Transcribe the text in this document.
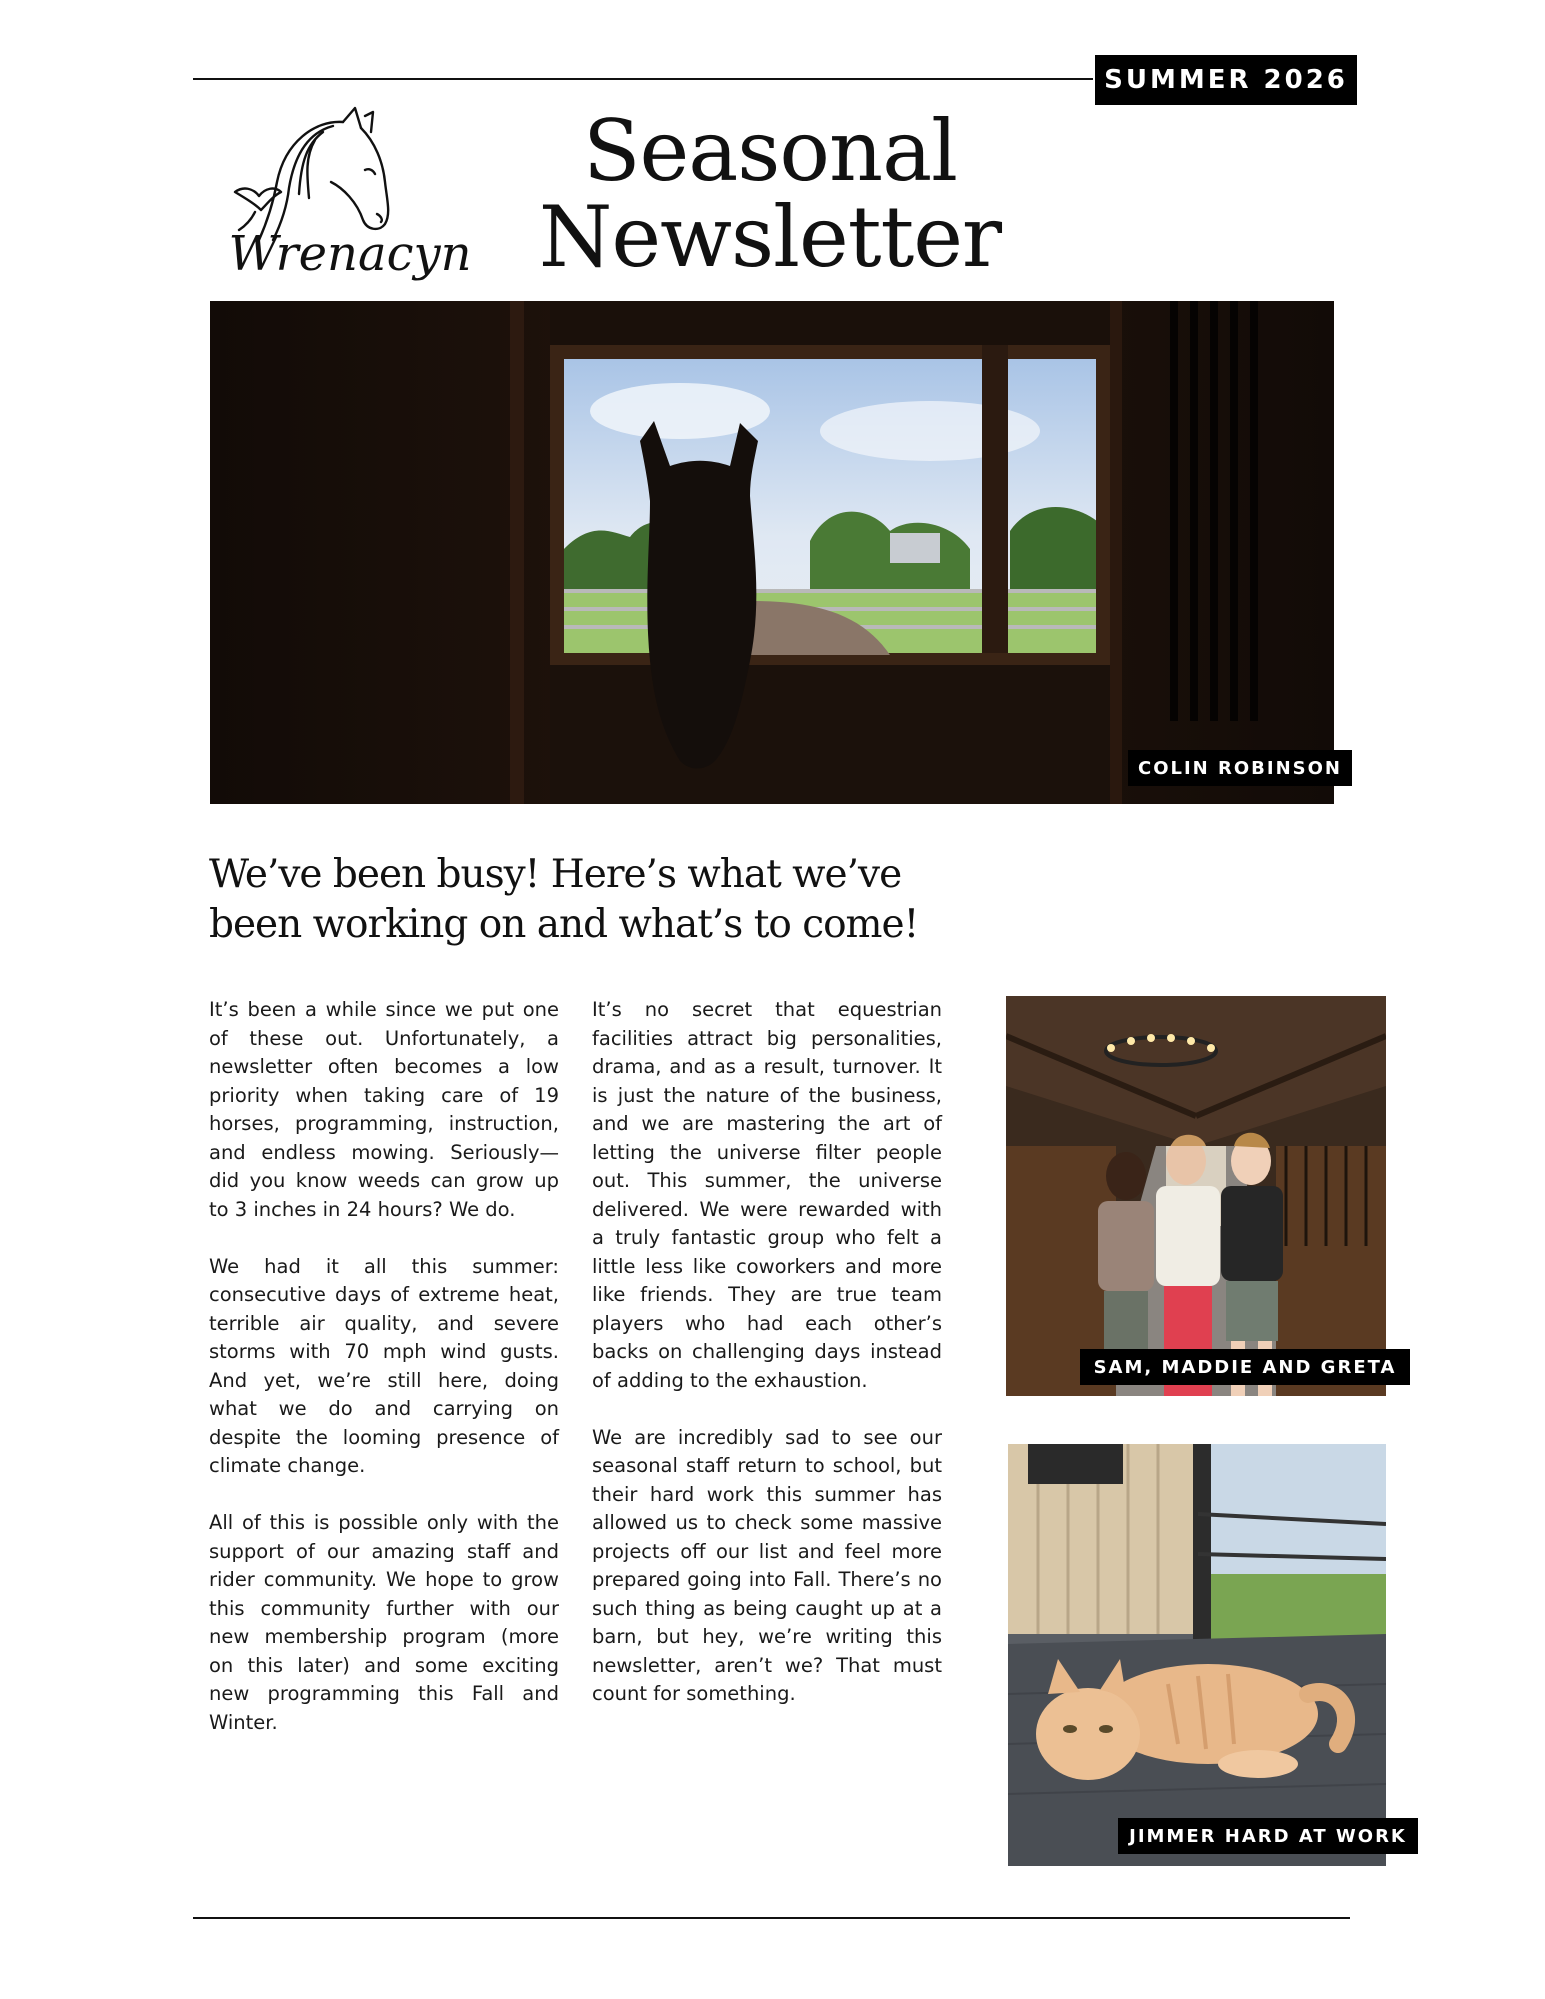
SUMMER 2026
Wrenacyn
Seasonal
Newsletter
COLIN ROBINSON
We’ve been busy! Here’s what we’ve
been working on and what’s to come!

It’s been a while since we put one of these out. Unfortunately, a newsletter often becomes a low priority when taking care of 19 horses, programming, instruction, and endless mowing. Seriously—did you know weeds can grow up to 3 inches in 24 hours? We do.

We had it all this summer: consecutive days of extreme heat, terrible air quality, and severe storms with 70 mph wind gusts. And yet, we’re still here, doing what we do and carrying on despite the looming presence of climate change.

All of this is possible only with the support of our amazing staff and rider community. We hope to grow this community further with our new membership program (more on this later) and some exciting new programming this Fall and Winter.

It’s no secret that equestrian facilities attract big personalities, drama, and as a result, turnover. It is just the nature of the business, and we are mastering the art of letting the universe filter people out. This summer, the universe delivered. We were rewarded with a truly fantastic group who felt a little less like coworkers and more like friends. They are true team players who had each other’s backs on challenging days instead of adding to the exhaustion.

We are incredibly sad to see our seasonal staff return to school, but their hard work this summer has allowed us to check some massive projects off our list and feel more prepared going into Fall. There’s no such thing as being caught up at a barn, but hey, we’re writing this newsletter, aren’t we? That must count for something.

SAM, MADDIE AND GRETA
JIMMER HARD AT WORK
